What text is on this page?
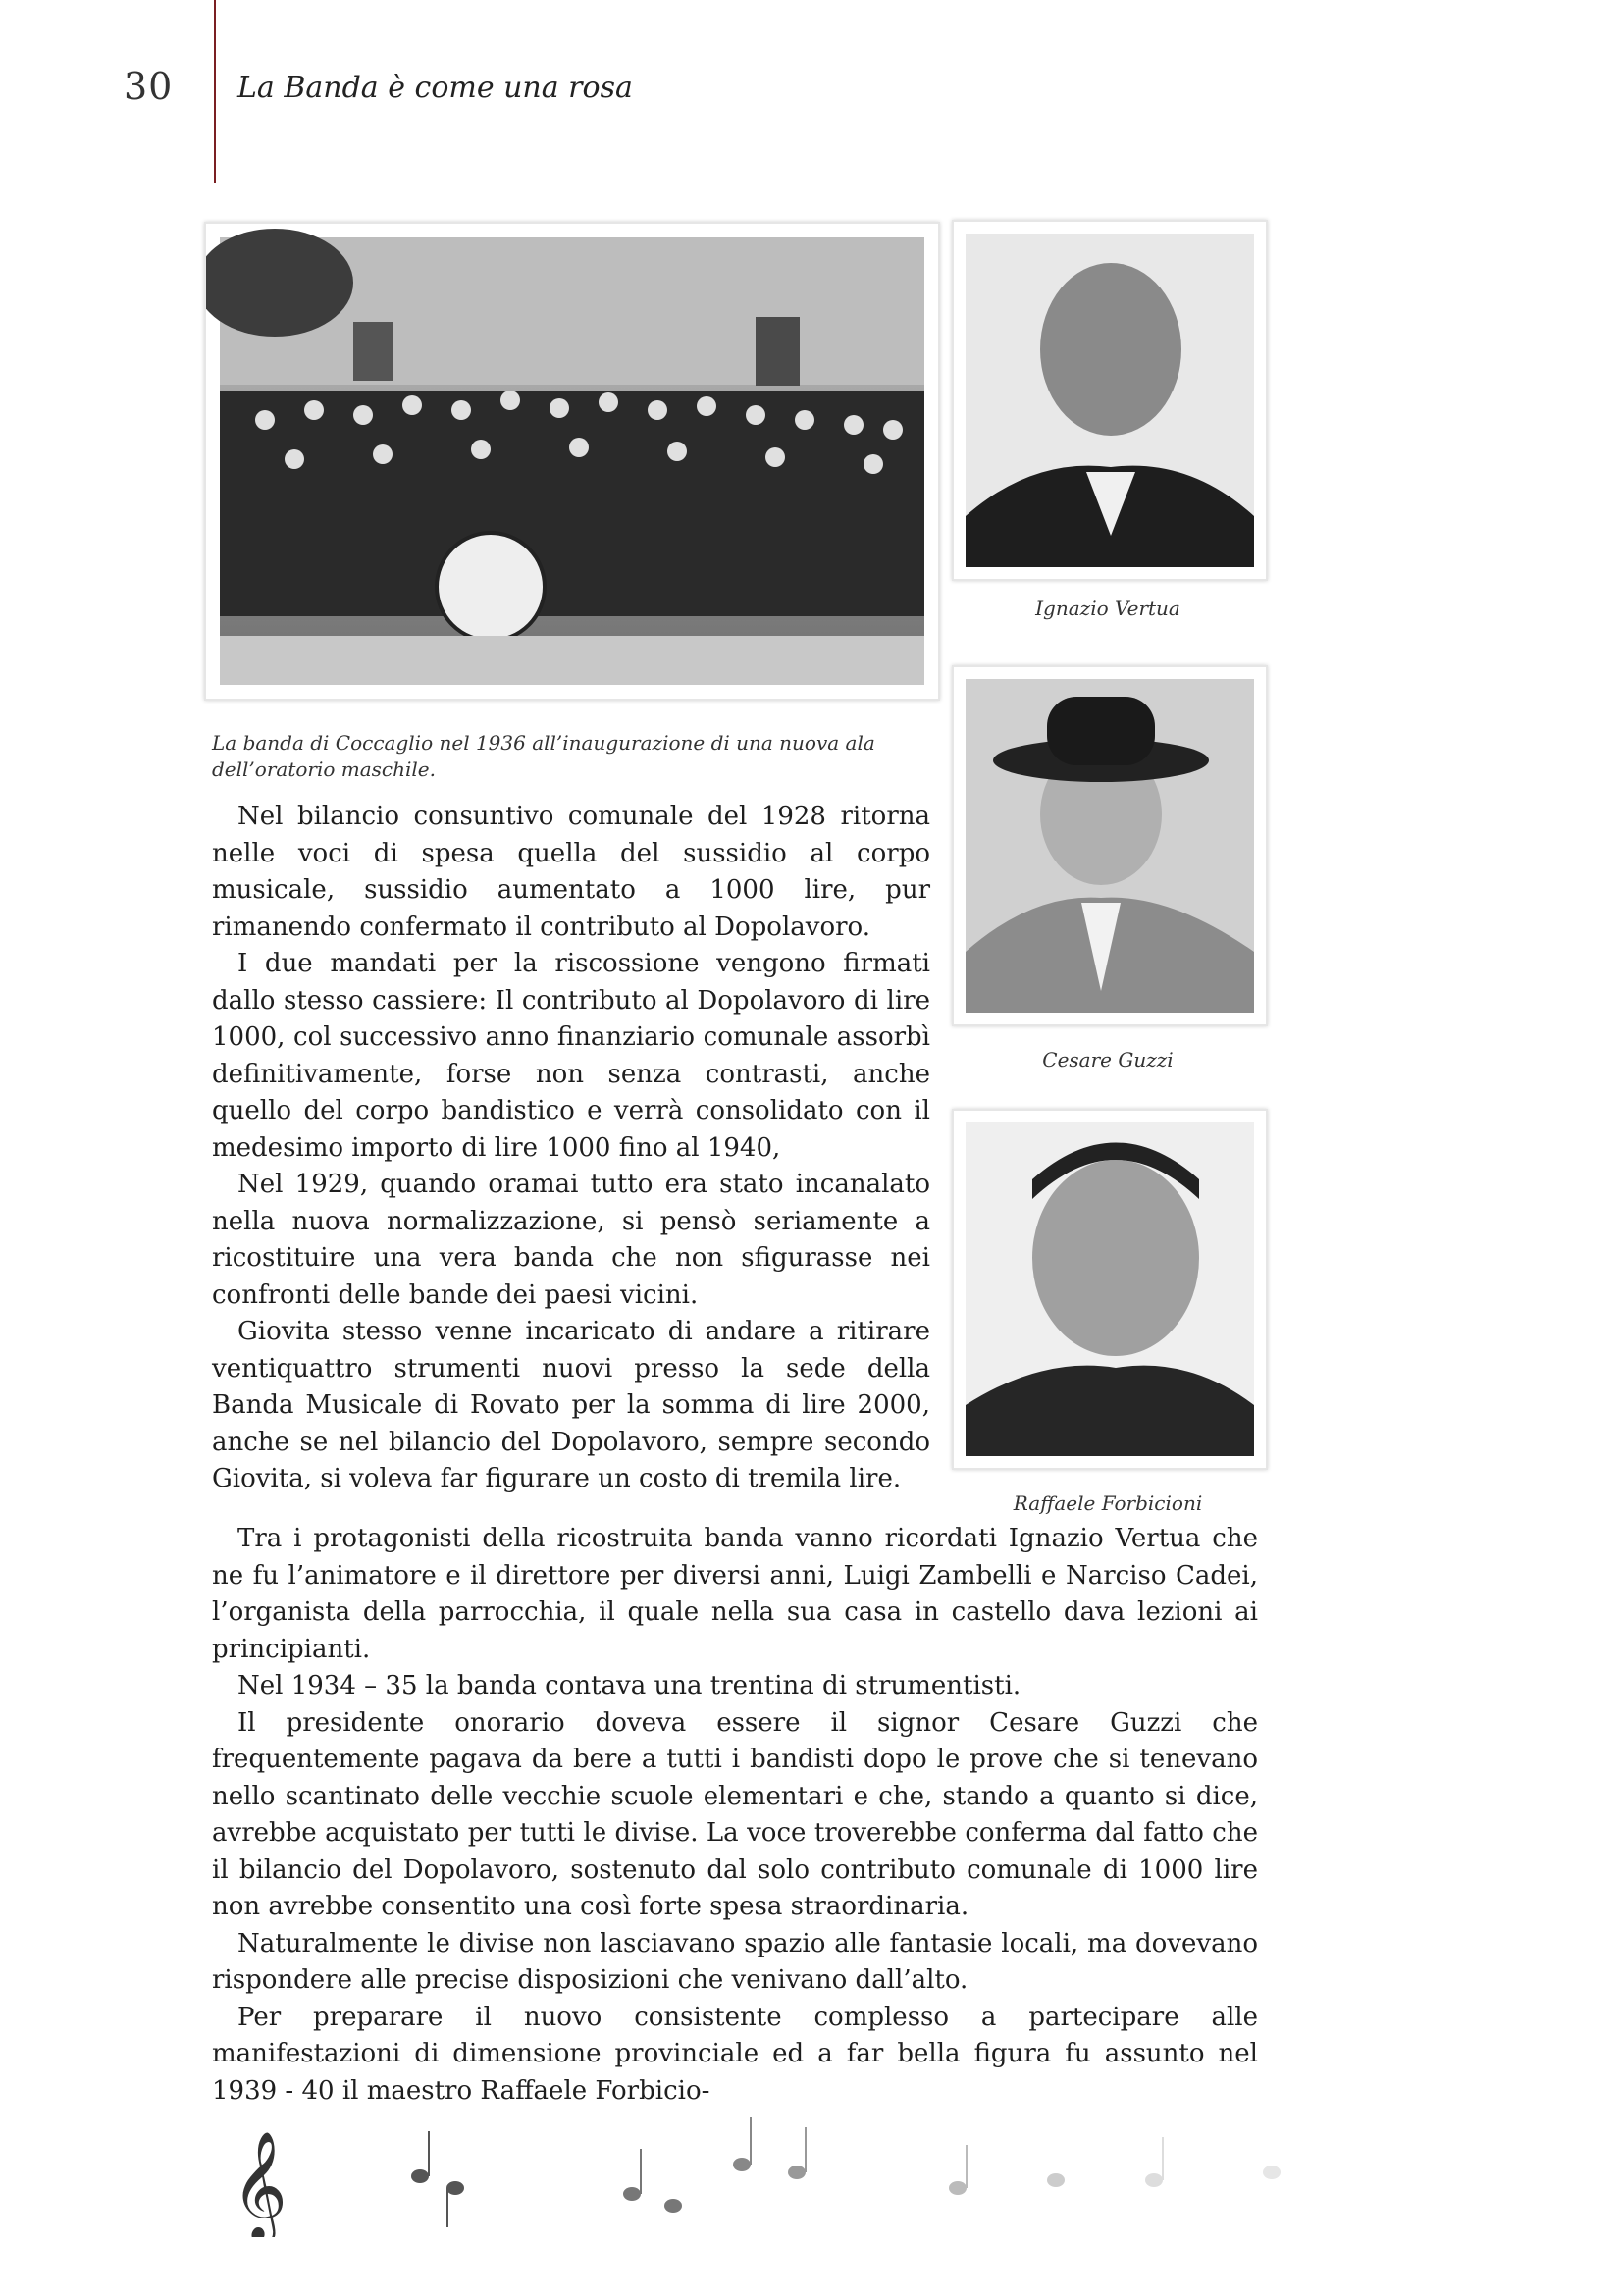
30 La Banda è come una rosa
La banda di Coccaglio nel 1936 all’inaugurazione di una nuova ala
dell’oratorio maschile.
Ignazio Vertua
Cesare Guzzi
Raffaele Forbicioni

Nel bilancio consuntivo comunale del 1928 ritorna nelle voci di spesa quella del sussidio al corpo musicale, sussidio aumentato a 1000 lire, pur rimanendo confermato il contributo al Dopolavoro.

I due mandati per la riscossione vengono firmati dallo stesso cassiere: Il contributo al Dopolavoro di lire 1000, col successivo anno finanziario comunale assorbì definitivamente, forse non senza contrasti, anche quello del corpo bandistico e verrà consolidato con il medesimo importo di lire 1000 fino al 1940,

Nel 1929, quando oramai tutto era stato incanalato nella nuova normalizzazione, si pensò seriamente a ricostituire una vera banda che non sfigurasse nei confronti delle bande dei paesi vicini.

Giovita stesso venne incaricato di andare a ritirare ventiquattro strumenti nuovi presso la sede della Banda Musicale di Rovato per la somma di lire 2000, anche se nel bilancio del Dopolavoro, sempre secondo Giovita, si voleva far figurare un costo di tremila lire.

Tra i protagonisti della ricostruita banda vanno ricordati Ignazio Vertua che ne fu l’animatore e il direttore per diversi anni, Luigi Zambelli e Narciso Cadei, l’organista della parrocchia, il quale nella sua casa in castello dava lezioni ai principianti.

Nel 1934 – 35 la banda contava una trentina di strumentisti.

Il presidente onorario doveva essere il signor Cesare Guzzi che frequentemente pagava da bere a tutti i bandisti dopo le prove che si tenevano nello scantinato delle vecchie scuole elementari e che, stando a quanto si dice, avrebbe acquistato per tutti le divise. La voce troverebbe conferma dal fatto che il bilancio del Dopolavoro, sostenuto dal solo contributo comunale di 1000 lire non avrebbe consentito una così forte spesa straordinaria.

Naturalmente le divise non lasciavano spazio alle fantasie locali, ma dovevano rispondere alle precise disposizioni che venivano dall’alto.

Per preparare il nuovo consistente complesso a partecipare alle manifestazioni di dimensione provinciale ed a far bella figura fu assunto nel 1939 - 40 il maestro Raffaele Forbicio-

𝄞
